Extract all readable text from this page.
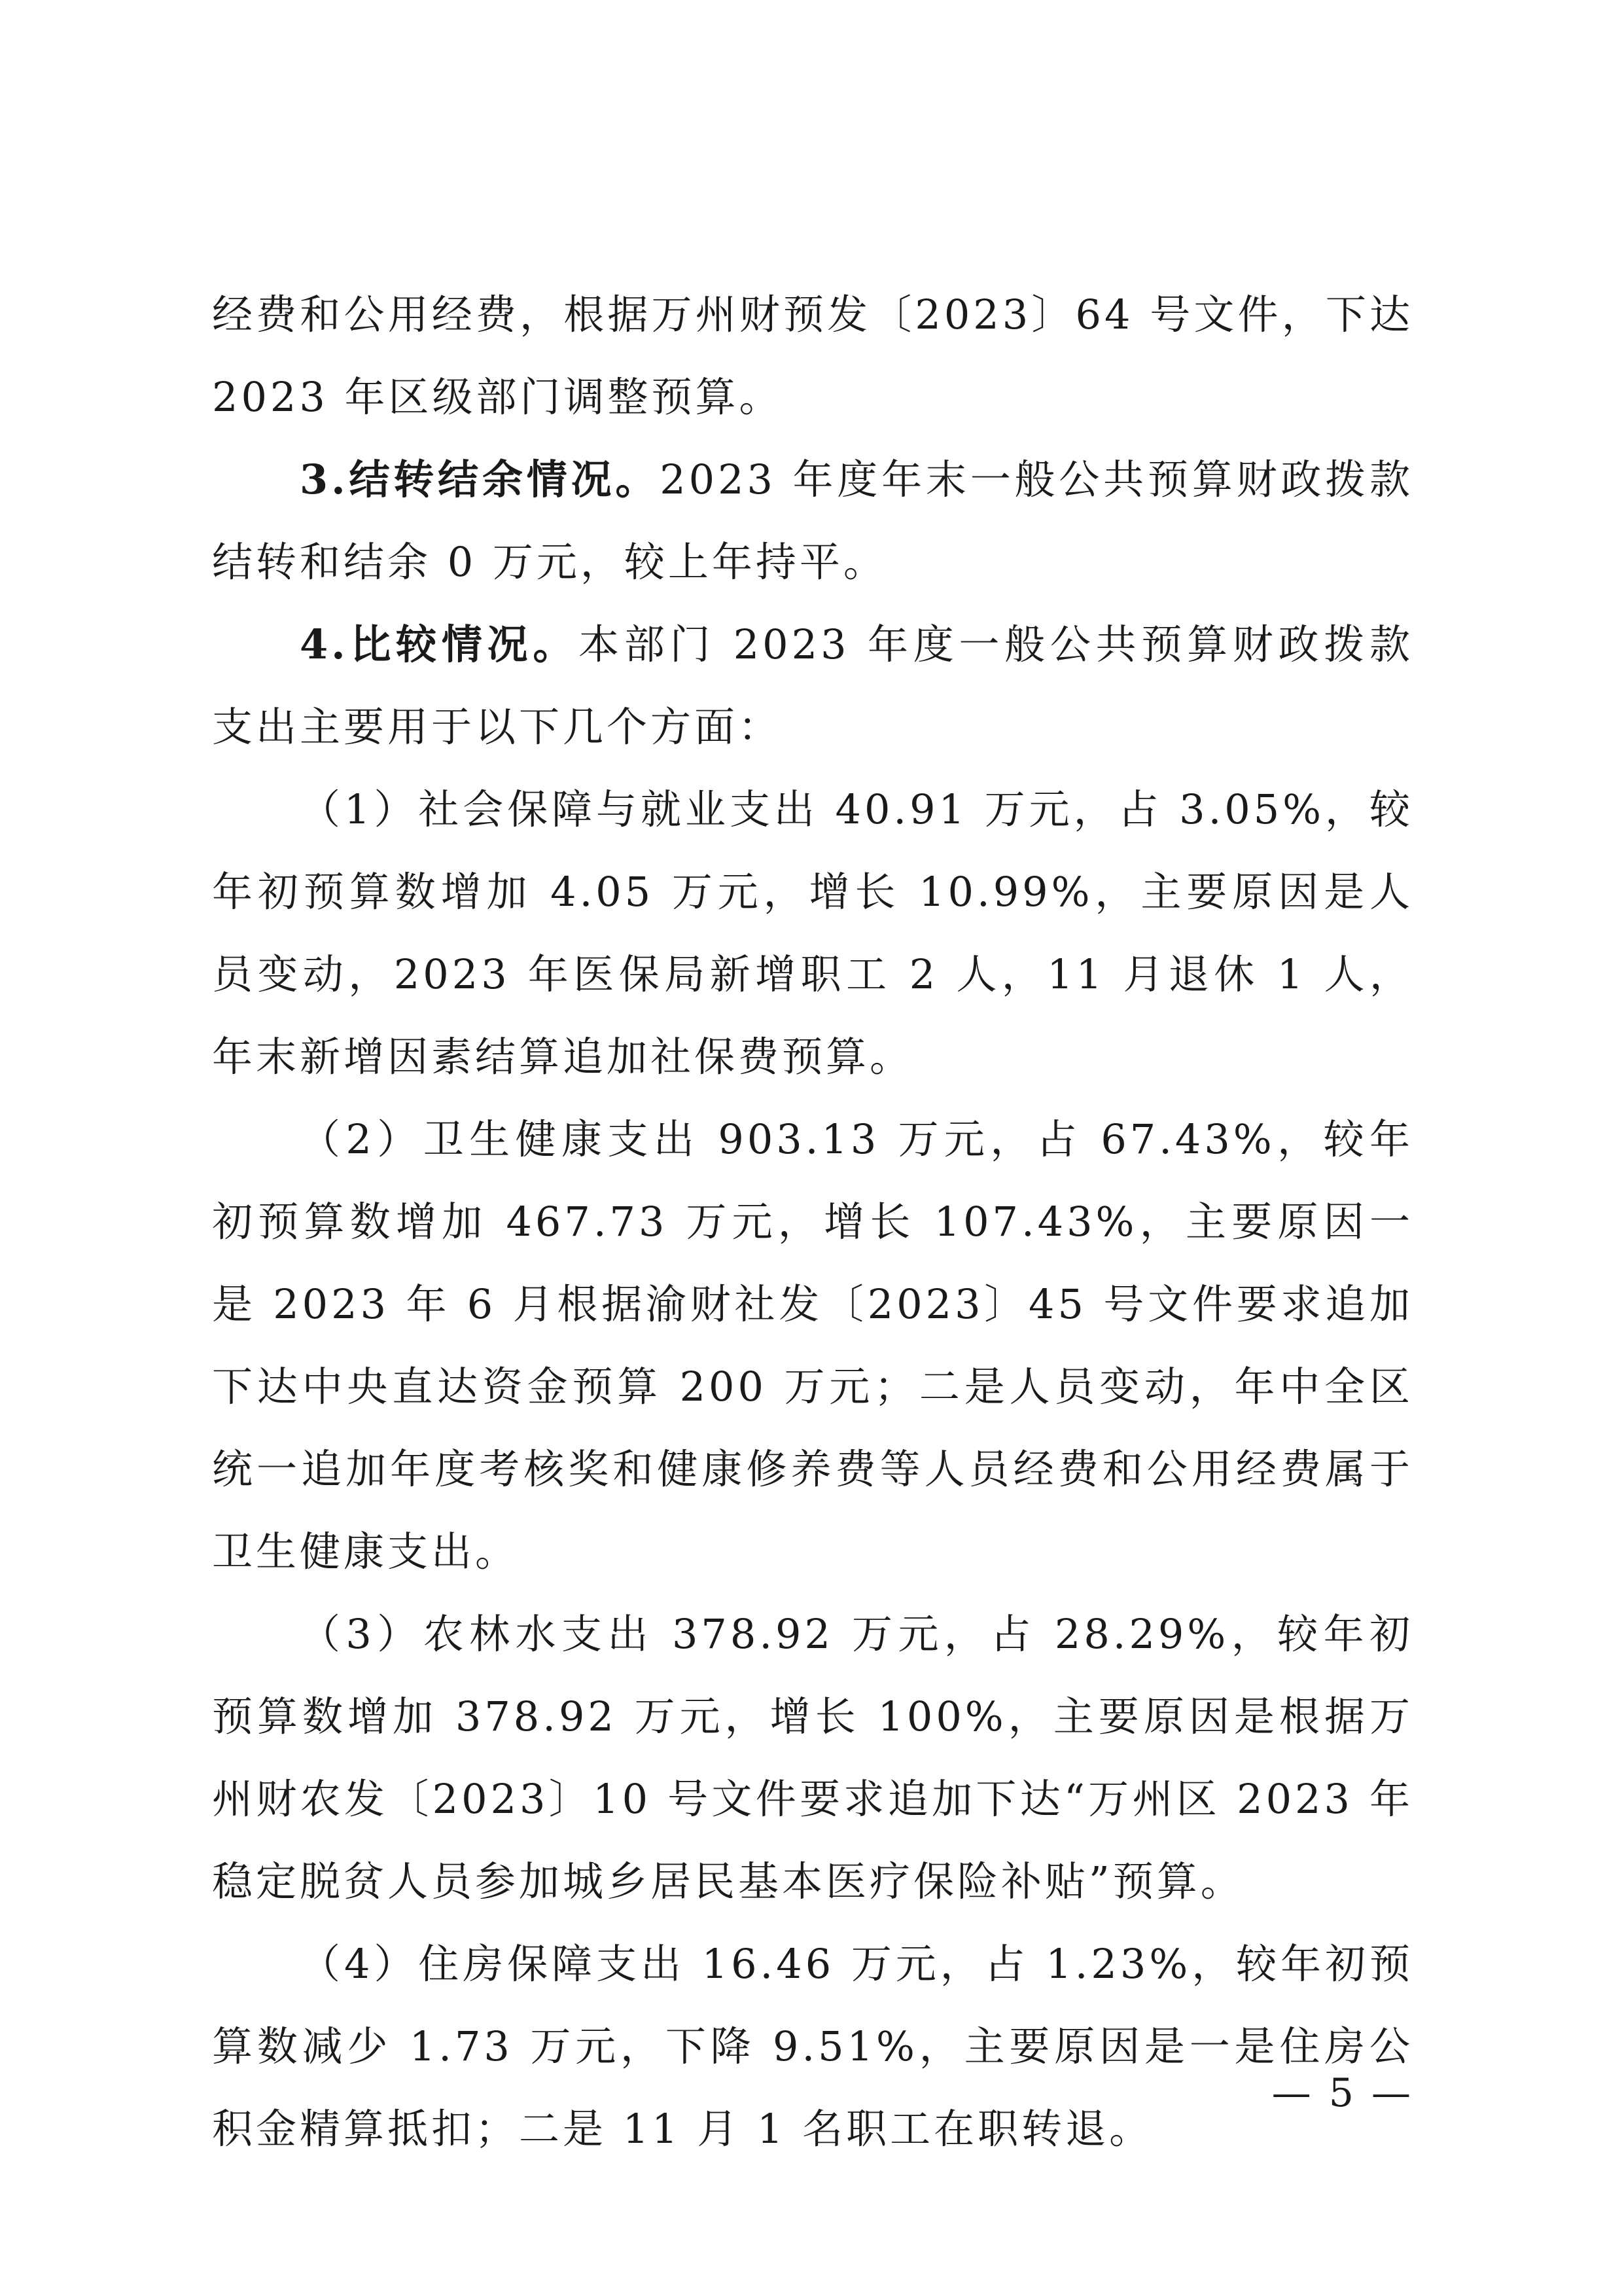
经费和公用经费，根据万州财预发〔2023〕64 号文件，下达 2023 年区级部门调整预算。

3.结转结余情况。2023 年度年末一般公共预算财政拨款结转和结余 0 万元，较上年持平。

4.比较情况。本部门 2023 年度一般公共预算财政拨款支出主要用于以下几个方面：

（1）社会保障与就业支出 40.91 万元，占 3.05%，较年初预算数增加 4.05 万元，增长 10.99%，主要原因是人员变动，2023 年医保局新增职工 2 人，11 月退休 1 人，年末新增因素结算追加社保费预算。

（2）卫生健康支出 903.13 万元，占 67.43%，较年初预算数增加 467.73 万元，增长 107.43%，主要原因一是 2023 年 6 月根据渝财社发〔2023〕45 号文件要求追加下达中央直达资金预算 200 万元；二是人员变动，年中全区统一追加年度考核奖和健康修养费等人员经费和公用经费属于卫生健康支出。

（3）农林水支出 378.92 万元，占 28.29%，较年初预算数增加 378.92 万元，增长 100%，主要原因是根据万州财农发〔2023〕10 号文件要求追加下达“万州区 2023 年稳定脱贫人员参加城乡居民基本医疗保险补贴”预算。

（4）住房保障支出 16.46 万元，占 1.23%，较年初预算数减少 1.73 万元，下降 9.51%，主要原因是一是住房公积金精算抵扣；二是 11 月 1 名职工在职转退。

— 5 —
